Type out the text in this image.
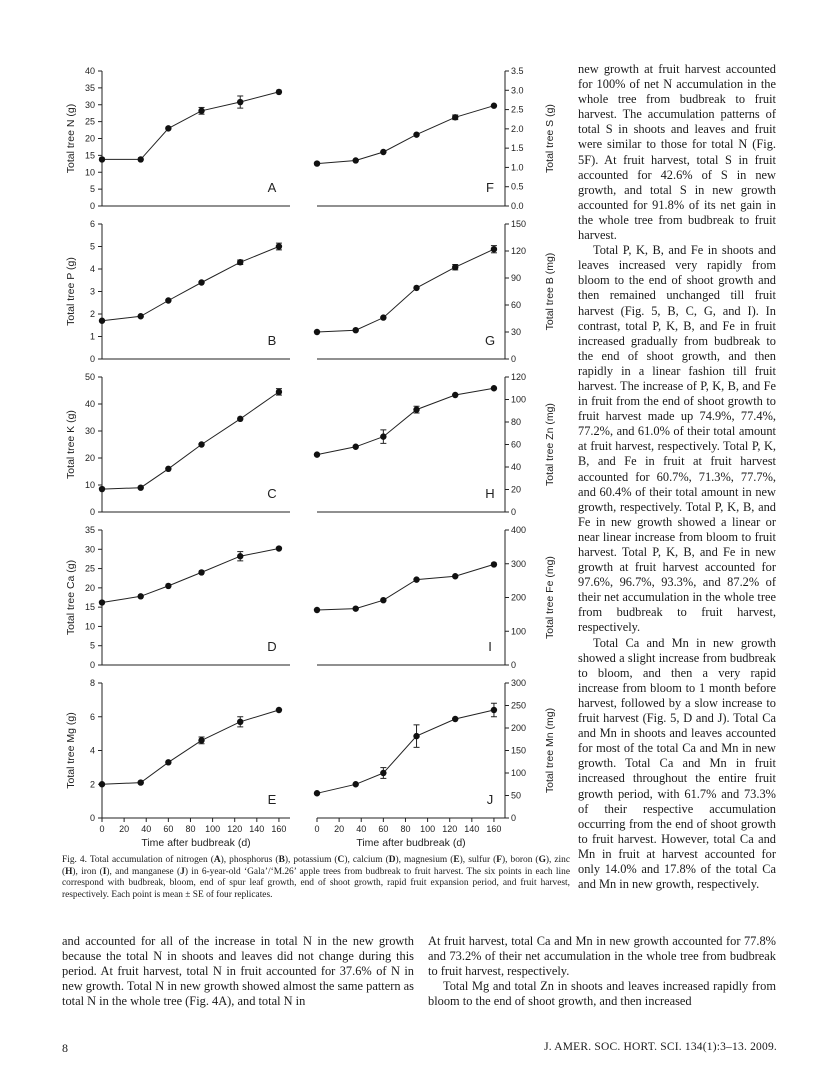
0
5
10
15
20
25
30
35
40
Total tree N (g)
A
0.0
0.5
1.0
1.5
2.0
2.5
3.0
3.5
Total tree S (g)
F
0
1
2
3
4
5
6
Total tree P (g)
B
0
30
60
90
120
150
Total tree B (mg)
G
0
10
20
30
40
50
Total tree K (g)
C
0
20
40
60
80
100
120
Total tree Zn (mg)
H
0
5
10
15
20
25
30
35
Total tree Ca (g)
D
0
100
200
300
400
Total tree Fe (mg)
I
0
2
4
6
8
Total tree Mg (g)
E
0 20 40 60 80 100 120 140 160
Time after budbreak (d)
0
50
100
150
200
250
300
Total tree Mn (mg)
J
0 20 40 60 80 100 120 140 160
Time after budbreak (d)

new growth at fruit harvest accounted for 100% of net N accumulation in the whole tree from budbreak to fruit harvest. The accumulation patterns of total S in shoots and leaves and fruit were similar to those for total N (Fig. 5F). At fruit harvest, total S in fruit accounted for 42.6% of S in new growth, and total S in new growth accounted for 91.8% of its net gain in the whole tree from budbreak to fruit harvest.

Total P, K, B, and Fe in shoots and leaves increased very rapidly from bloom to the end of shoot growth and then remained unchanged till fruit harvest (Fig. 5, B, C, G, and I). In contrast, total P, K, B, and Fe in fruit increased gradually from budbreak to the end of shoot growth, and then rapidly in a linear fashion till fruit harvest. The increase of P, K, B, and Fe in fruit from the end of shoot growth to fruit harvest made up 74.9%, 77.4%, 77.2%, and 61.0% of their total amount at fruit harvest, respectively. Total P, K, B, and Fe in fruit at fruit harvest accounted for 60.7%, 71.3%, 77.7%, and 60.4% of their total amount in new growth, respectively. Total P, K, B, and Fe in new growth showed a linear or near linear increase from bloom to fruit harvest. Total P, K, B, and Fe in new growth at fruit harvest accounted for 97.6%, 96.7%, 93.3%, and 87.2% of their net accumulation in the whole tree from budbreak to fruit harvest, respectively.

Total Ca and Mn in new growth showed a slight increase from budbreak to bloom, and then a very rapid increase from bloom to 1 month before harvest, followed by a slow increase to fruit harvest (Fig. 5, D and J). Total Ca and Mn in shoots and leaves accounted for most of the total Ca and Mn in new growth. Total Ca and Mn in fruit increased throughout the entire fruit growth period, with 61.7% and 73.3% of their respective accumulation occurring from the end of shoot growth to fruit harvest. However, total Ca and Mn in fruit at harvest accounted for only 14.0% and 17.8% of the total Ca and Mn in new growth, respectively.

Fig. 4. Total accumulation of nitrogen (A), phosphorus (B), potassium (C), calcium (D), magnesium (E), sulfur (F), boron (G), zinc (H), iron (I), and manganese (J) in 6-year-old ‘Gala’/‘M.26’ apple trees from budbreak to fruit harvest. The six points in each line correspond with budbreak, bloom, end of spur leaf growth, end of shoot growth, rapid fruit expansion period, and fruit harvest, respectively. Each point is mean ± SE of four replicates.

and accounted for all of the increase in total N in the new growth because the total N in shoots and leaves did not change during this period. At fruit harvest, total N in fruit accounted for 37.6% of N in new growth. Total N in new growth showed almost the same pattern as total N in the whole tree (Fig. 4A), and total N in

At fruit harvest, total Ca and Mn in new growth accounted for 77.8% and 73.2% of their net accumulation in the whole tree from budbreak to fruit harvest, respectively.

Total Mg and total Zn in shoots and leaves increased rapidly from bloom to the end of shoot growth, and then increased

8	J. AMER. SOC. HORT. SCI. 134(1):3–13. 2009.
